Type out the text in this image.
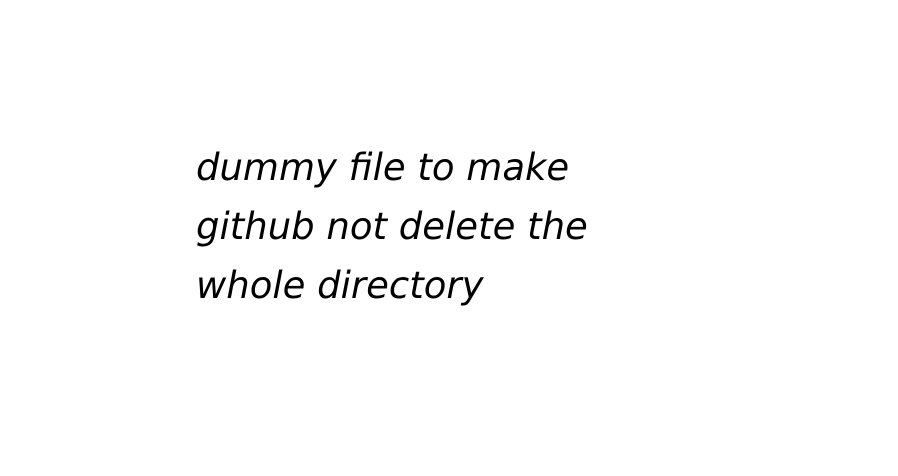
dummy file to make
github not delete the
whole directory
